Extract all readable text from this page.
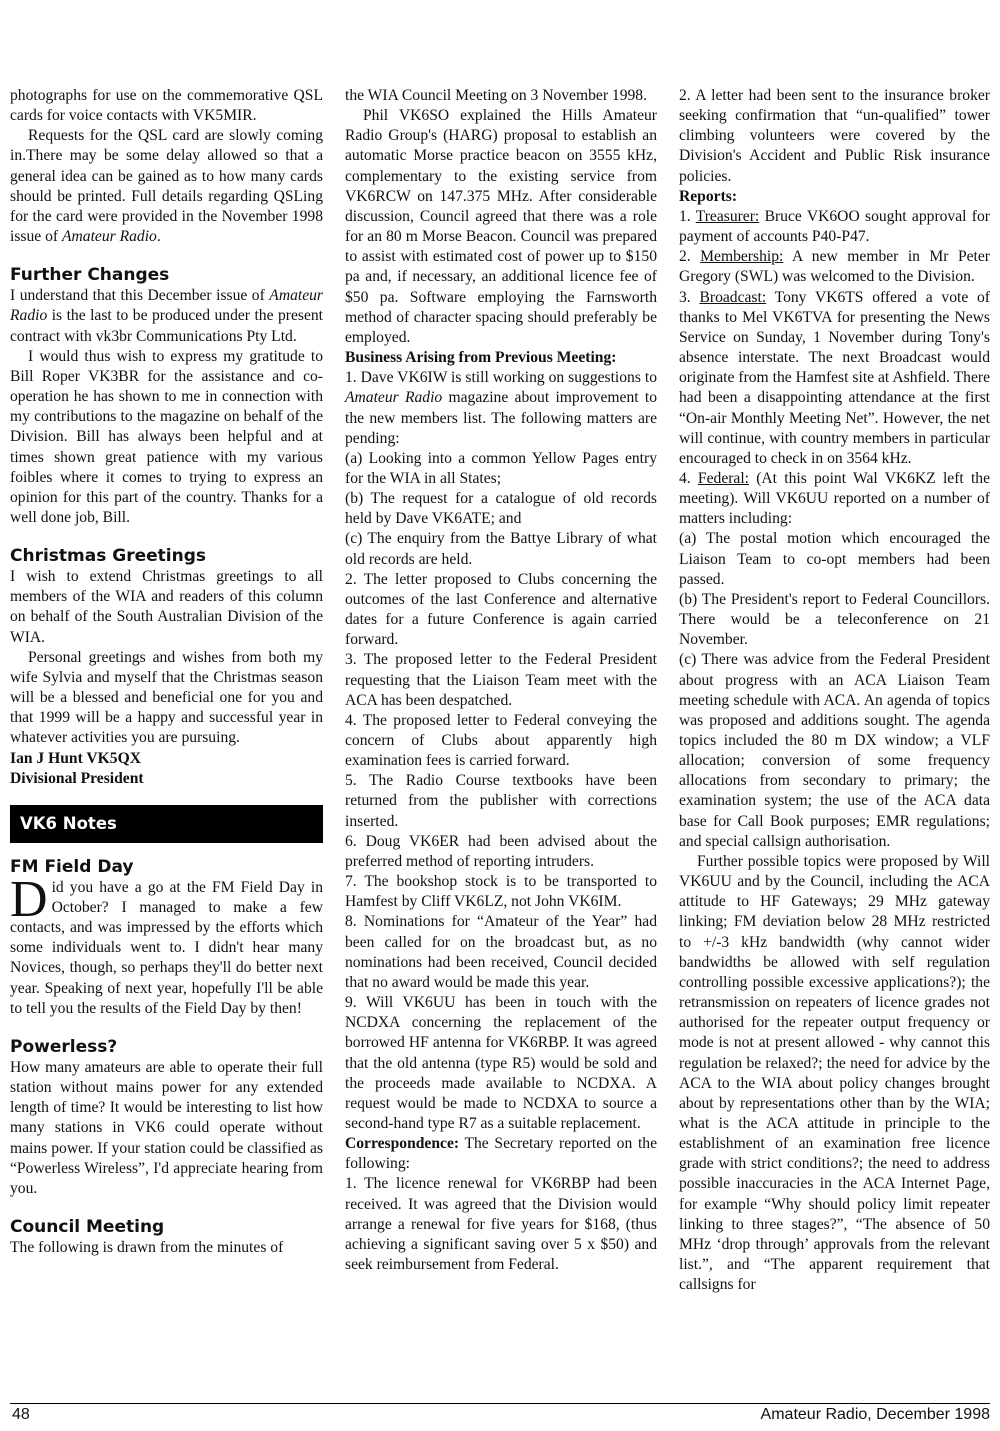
photographs for use on the commemorative QSL cards for voice contacts with VK5MIR.

Requests for the QSL card are slowly coming in.There may be some delay allowed so that a general idea can be gained as to how many cards should be printed. Full details regarding QSLing for the card were provided in the November 1998 issue of Amateur Radio.

Further Changes

I understand that this December issue of Amateur Radio is the last to be produced under the present contract with vk3br Communications Pty Ltd.

I would thus wish to express my gratitude to Bill Roper VK3BR for the assistance and co-operation he has shown to me in connection with my contributions to the magazine on behalf of the Division. Bill has always been helpful and at times shown great patience with my various foibles where it comes to trying to express an opinion for this part of the country. Thanks for a well done job, Bill.

Christmas Greetings

I wish to extend Christmas greetings to all members of the WIA and readers of this column on behalf of the South Australian Division of the WIA.

Personal greetings and wishes from both my wife Sylvia and myself that the Christmas season will be a blessed and beneficial one for you and that 1999 will be a happy and successful year in whatever activities you are pursuing.

Ian J Hunt VK5QX

Divisional President

VK6 Notes
FM Field Day

Did you have a go at the FM Field Day in October? I managed to make a few contacts, and was impressed by the efforts which some individuals went to. I didn't hear many Novices, though, so perhaps they'll do better next year. Speaking of next year, hopefully I'll be able to tell you the results of the Field Day by then!

Powerless?

How many amateurs are able to operate their full station without mains power for any extended length of time? It would be interesting to list how many stations in VK6 could operate without mains power. If your station could be classified as “Powerless Wireless”, I'd appreciate hearing from you.

Council Meeting

The following is drawn from the minutes of

the WIA Council Meeting on 3 November 1998.

Phil VK6SO explained the Hills Amateur Radio Group's (HARG) proposal to establish an automatic Morse practice beacon on 3555 kHz, complementary to the existing service from VK6RCW on 147.375 MHz. After considerable discussion, Council agreed that there was a role for an 80 m Morse Beacon. Council was prepared to assist with estimated cost of power up to $150 pa and, if necessary, an additional licence fee of $50 pa. Software employing the Farnsworth method of character spacing should preferably be employed.

Business Arising from Previous Meeting:

1. Dave VK6IW is still working on suggestions to Amateur Radio magazine about improvement to the new members list. The following matters are pending:

(a) Looking into a common Yellow Pages entry for the WIA in all States;

(b) The request for a catalogue of old records held by Dave VK6ATE; and

(c) The enquiry from the Battye Library of what old records are held.

2. The letter proposed to Clubs concerning the outcomes of the last Conference and alternative dates for a future Conference is again carried forward.

3. The proposed letter to the Federal President requesting that the Liaison Team meet with the ACA has been despatched.

4. The proposed letter to Federal conveying the concern of Clubs about apparently high examination fees is carried forward.

5. The Radio Course textbooks have been returned from the publisher with corrections inserted.

6. Doug VK6ER had been advised about the preferred method of reporting intruders.

7. The bookshop stock is to be transported to Hamfest by Cliff VK6LZ, not John VK6IM.

8. Nominations for “Amateur of the Year” had been called for on the broadcast but, as no nominations had been received, Council decided that no award would be made this year.

9. Will VK6UU has been in touch with the NCDXA concerning the replacement of the borrowed HF antenna for VK6RBP. It was agreed that the old antenna (type R5) would be sold and the proceeds made available to NCDXA. A request would be made to NCDXA to source a second-hand type R7 as a suitable replacement.

Correspondence: The Secretary reported on the following:

1. The licence renewal for VK6RBP had been received. It was agreed that the Division would arrange a renewal for five years for $168, (thus achieving a significant saving over 5 x $50) and seek reimbursement from Federal.

2. A letter had been sent to the insurance broker seeking confirmation that “un-qualified” tower climbing volunteers were covered by the Division's Accident and Public Risk insurance policies.

Reports:

1. Treasurer: Bruce VK6OO sought approval for payment of accounts P40-P47.

2. Membership: A new member in Mr Peter Gregory (SWL) was welcomed to the Division.

3. Broadcast: Tony VK6TS offered a vote of thanks to Mel VK6TVA for presenting the News Service on Sunday, 1 November during Tony's absence interstate. The next Broadcast would originate from the Hamfest site at Ashfield. There had been a disappointing attendance at the first “On-air Monthly Meeting Net”. However, the net will continue, with country members in particular encouraged to check in on 3564 kHz.

4. Federal: (At this point Wal VK6KZ left the meeting). Will VK6UU reported on a number of matters including:

(a) The postal motion which encouraged the Liaison Team to co-opt members had been passed.

(b) The President's report to Federal Councillors. There would be a teleconference on 21 November.

(c) There was advice from the Federal President about progress with an ACA Liaison Team meeting schedule with ACA. An agenda of topics was proposed and additions sought. The agenda topics included the 80 m DX window; a VLF allocation; conversion of some frequency allocations from secondary to primary; the examination system; the use of the ACA data base for Call Book purposes; EMR regulations; and special callsign authorisation.

Further possible topics were proposed by Will VK6UU and by the Council, including the ACA attitude to HF Gateways; 29 MHz gateway linking; FM deviation below 28 MHz restricted to +/-3 kHz bandwidth (why cannot wider bandwidths be allowed with self regulation controlling possible excessive applications?); the retransmission on repeaters of licence grades not authorised for the repeater output frequency or mode is not at present allowed - why cannot this regulation be relaxed?; the need for advice by the ACA to the WIA about policy changes brought about by representations other than by the WIA; what is the ACA attitude in principle to the establishment of an examination free licence grade with strict conditions?; the need to address possible inaccuracies in the ACA Internet Page, for example “Why should policy limit repeater linking to three stages?”, “The absence of 50 MHz ‘drop through’ approvals from the relevant list.”, and “The apparent requirement that callsigns for

48	Amateur Radio, December 1998
